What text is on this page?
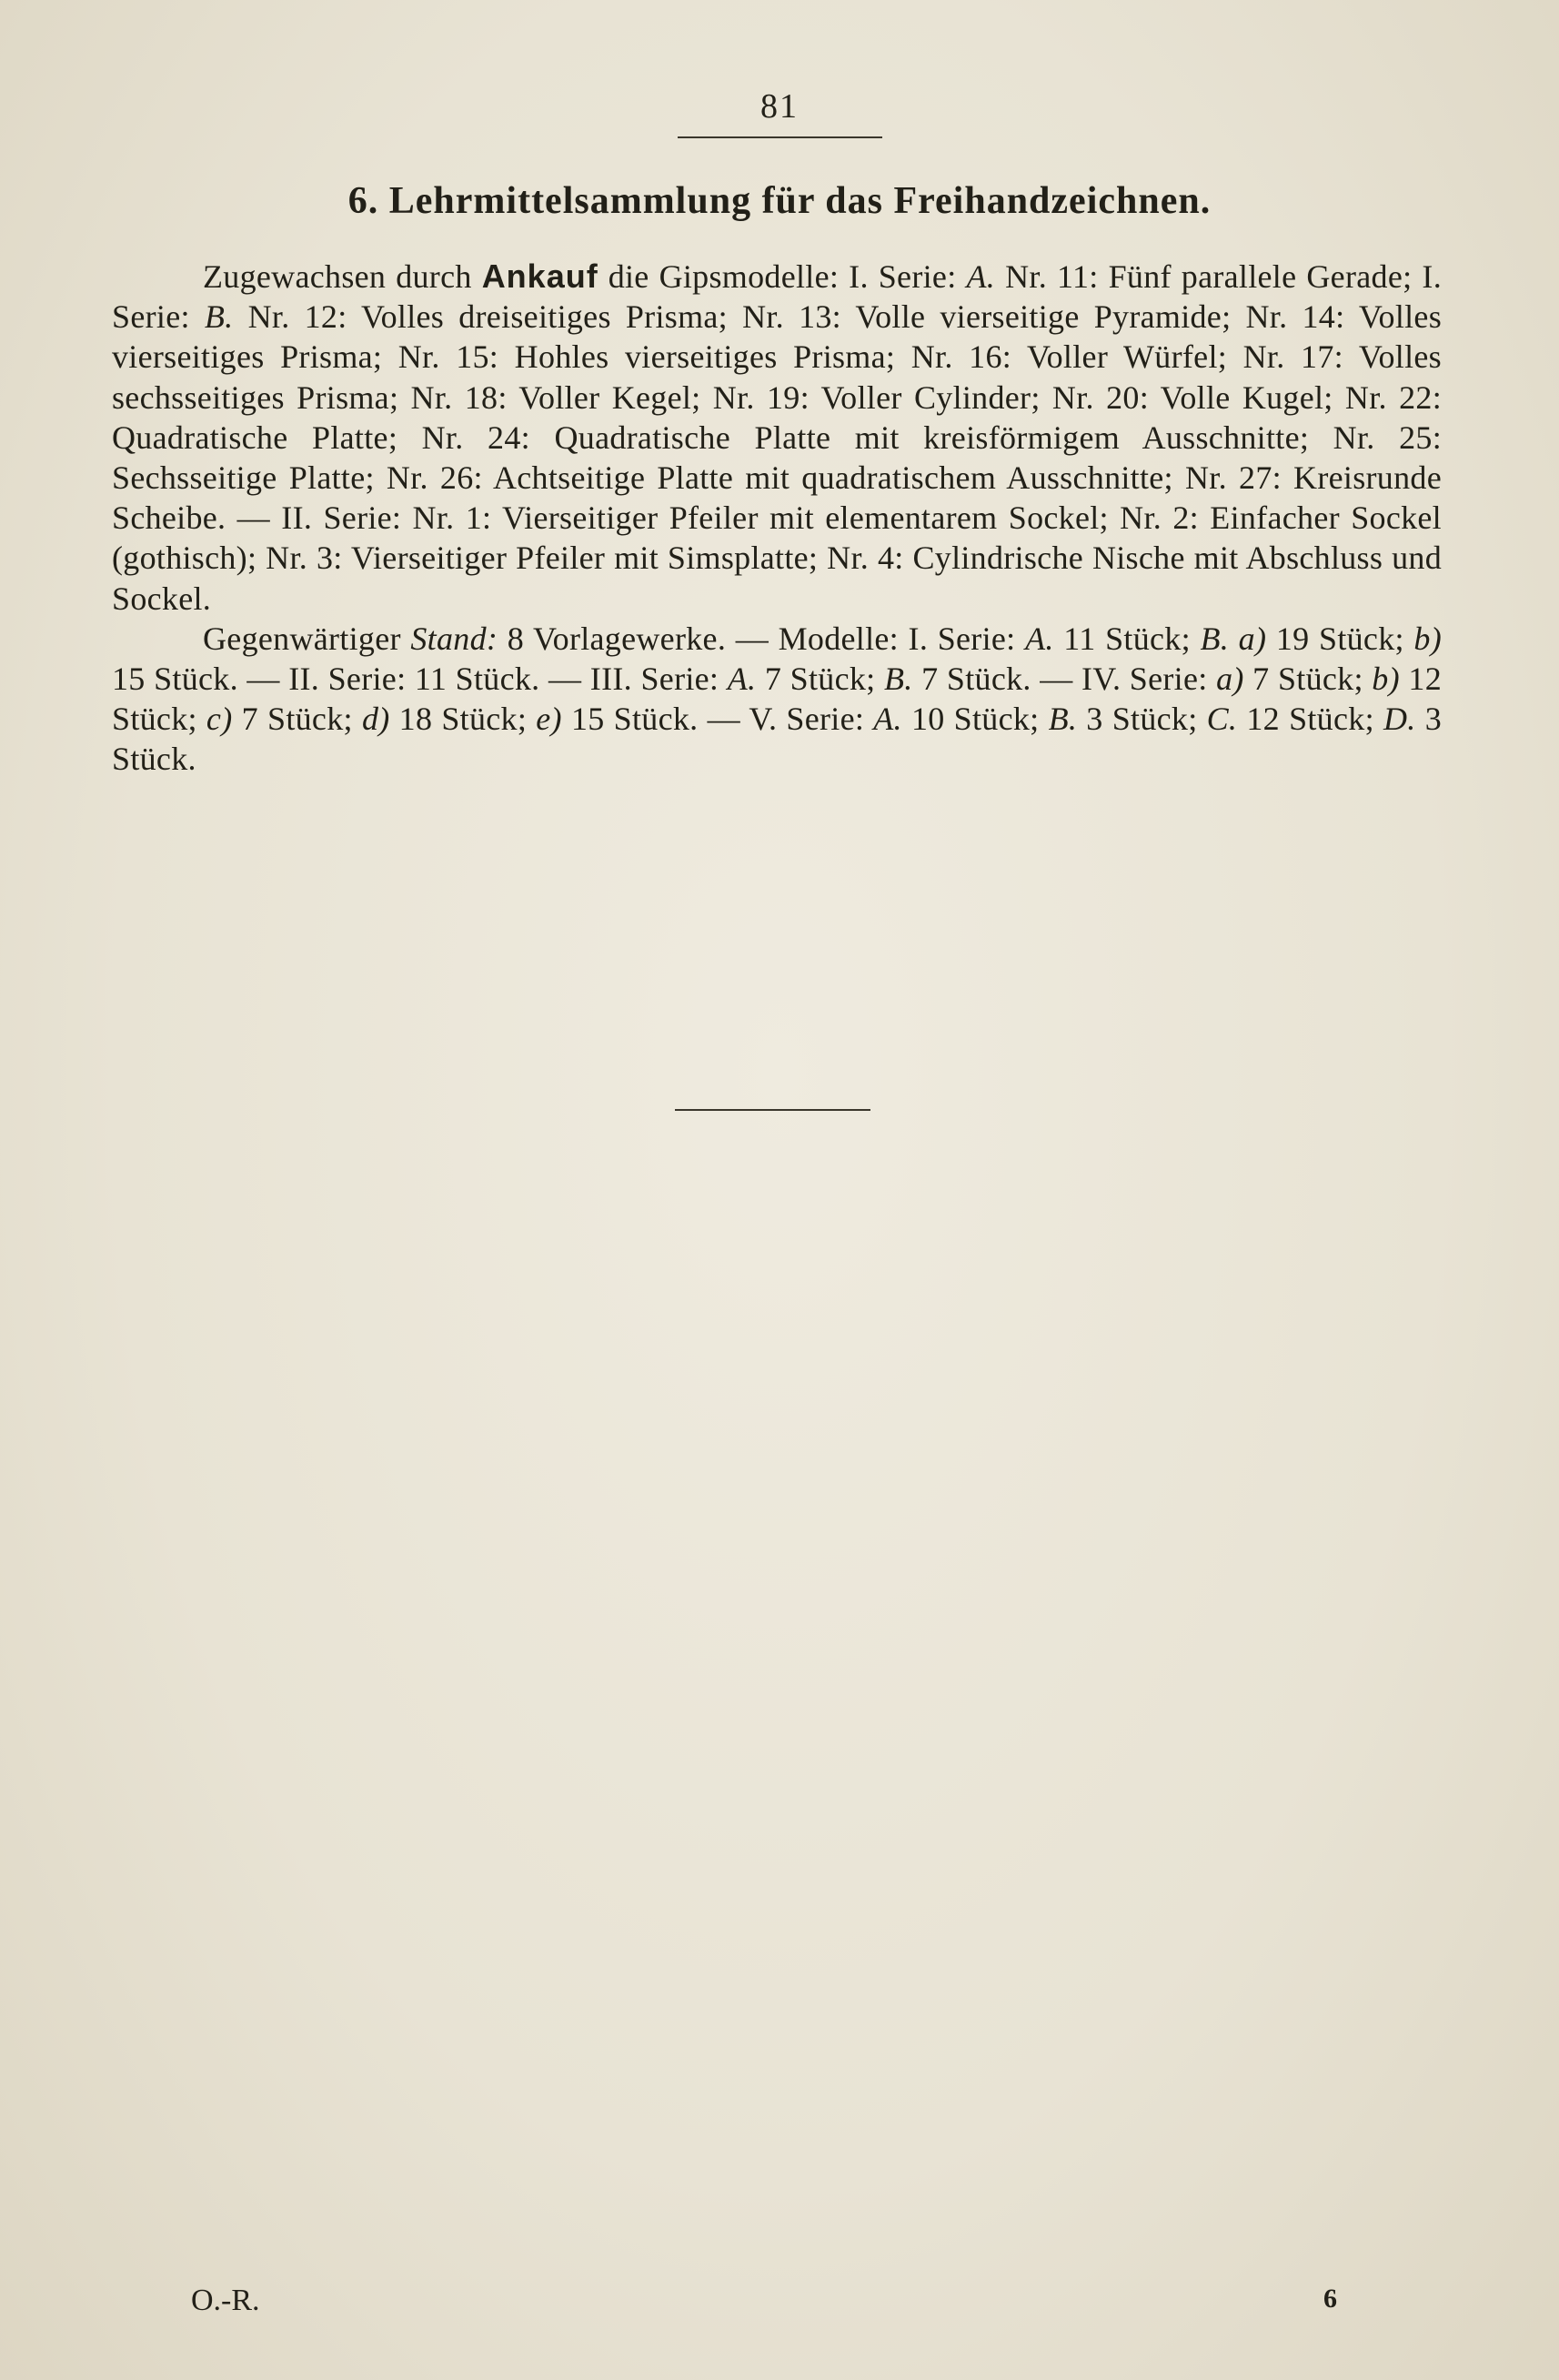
81
6. Lehrmittelsammlung für das Freihandzeichnen.

Zugewachsen durch Ankauf die Gipsmodelle: I. Serie: A. Nr. 11: Fünf parallele Gerade; I. Serie: B. Nr. 12: Volles dreiseitiges Prisma; Nr. 13: Volle vierseitige Pyramide; Nr. 14: Volles vierseitiges Prisma; Nr. 15: Hohles vierseitiges Prisma; Nr. 16: Voller Würfel; Nr. 17: Volles sechsseitiges Prisma; Nr. 18: Voller Kegel; Nr. 19: Voller Cylinder; Nr. 20: Volle Kugel; Nr. 22: Quadratische Platte; Nr. 24: Quadratische Platte mit kreisförmigem Ausschnitte; Nr. 25: Sechsseitige Platte; Nr. 26: Achtseitige Platte mit quadratischem Ausschnitte; Nr. 27: Kreisrunde Scheibe. — II. Serie: Nr. 1: Vierseitiger Pfeiler mit elementarem Sockel; Nr. 2: Einfacher Sockel (gothisch); Nr. 3: Vierseitiger Pfeiler mit Simsplatte; Nr. 4: Cylindrische Nische mit Abschluss und Sockel.

Gegenwärtiger Stand: 8 Vorlagewerke. — Modelle: I. Serie: A. 11 Stück; B. a) 19 Stück; b) 15 Stück. — II. Serie: 11 Stück. — III. Serie: A. 7 Stück; B. 7 Stück. — IV. Serie: a) 7 Stück; b) 12 Stück; c) 7 Stück; d) 18 Stück; e) 15 Stück. — V. Serie: A. 10 Stück; B. 3 Stück; C. 12 Stück; D. 3 Stück.

O.-R.	6
